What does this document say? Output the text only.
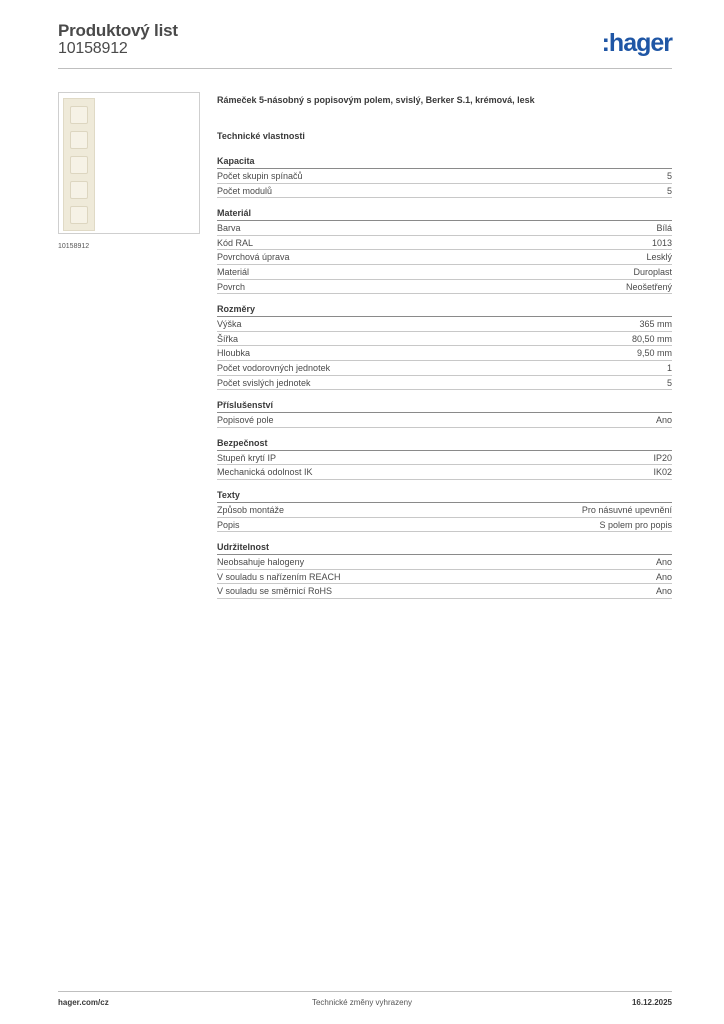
Produktový list
10158912	:hager
10158912
Rámeček 5-násobný s popisovým polem, svislý, Berker S.1, krémová, lesk
Technické vlastnosti
Kapacita
Počet skupin spínačů	5
Počet modulů	5
Materiál
Barva	Bílá
Kód RAL	1013
Povrchová úprava	Lesklý
Materiál	Duroplast
Povrch	Neošetřený
Rozměry
Výška	365 mm
Šířka	80,50 mm
Hloubka	9,50 mm
Počet vodorovných jednotek	1
Počet svislých jednotek	5
Příslušenství
Popisové pole	Ano
Bezpečnost
Stupeň krytí IP	IP20
Mechanická odolnost IK	IK02
Texty
Způsob montáže	Pro násuvné upevnění
Popis	S polem pro popis
Udržitelnost
Neobsahuje halogeny	Ano
V souladu s nařízením REACH	Ano
V souladu se směrnicí RoHS	Ano
hager.com/cz	Technické změny vyhrazeny	16.12.2025
